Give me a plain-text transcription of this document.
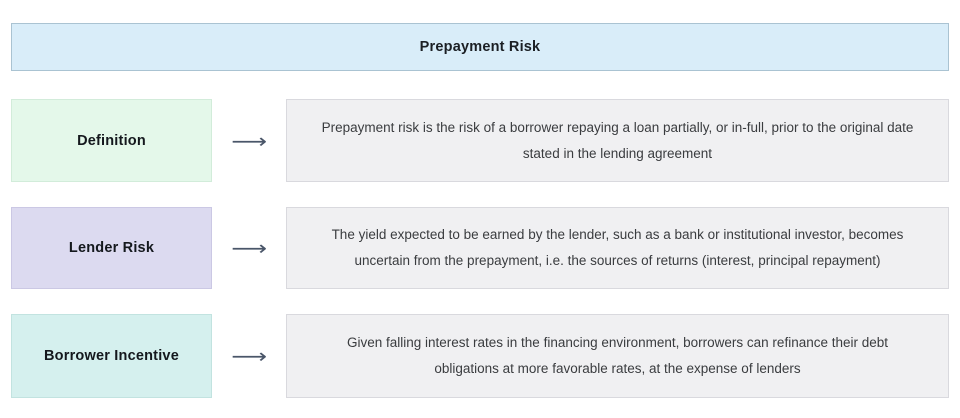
Prepayment Risk
Definition	⟶
Prepayment risk is the risk of a borrower repaying a loan partially, or in-full, prior to the original date stated in the lending agreement
Lender Risk	⟶
The yield expected to be earned by the lender, such as a bank or institutional investor, becomes uncertain from the prepayment, i.e. the sources of returns (interest, principal repayment)
Borrower Incentive	⟶
Given falling interest rates in the financing environment, borrowers can refinance their debt obligations at more favorable rates, at the expense of lenders
